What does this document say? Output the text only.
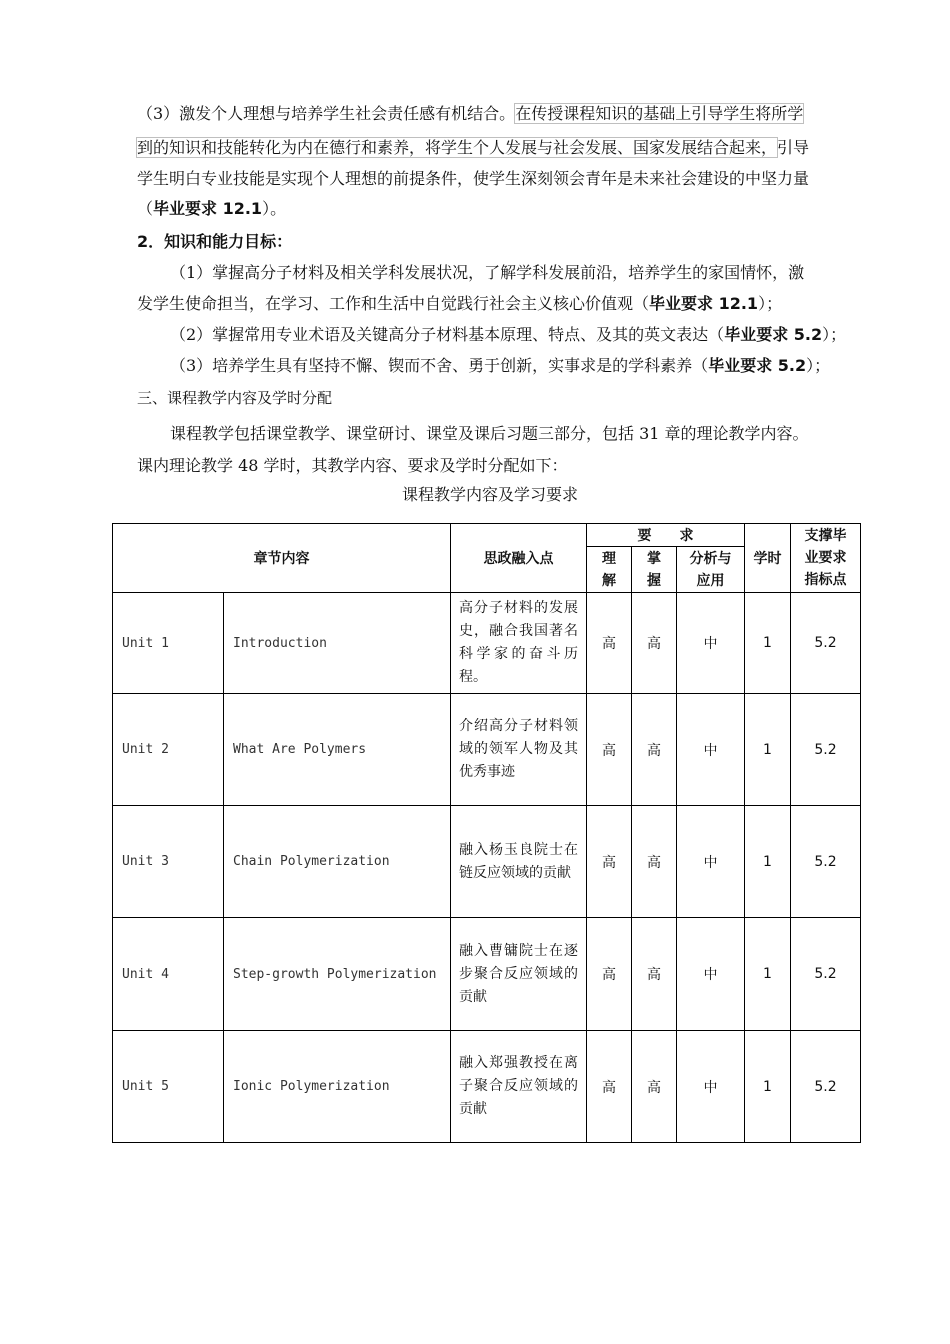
（3）激发个人理想与培养学生社会责任感有机结合。在传授课程知识的基础上引导学生将所学
到的知识和技能转化为内在德行和素养，将学生个人发展与社会发展、国家发展结合起来，引导
学生明白专业技能是实现个人理想的前提条件，使学生深刻领会青年是未来社会建设的中坚力量
（毕业要求 12.1）。
2．知识和能力目标：
（1）掌握高分子材料及相关学科发展状况，了解学科发展前沿，培养学生的家国情怀，激
发学生使命担当，在学习、工作和生活中自觉践行社会主义核心价值观（毕业要求 12.1）；
（2）掌握常用专业术语及关键高分子材料基本原理、特点、及其的英文表达（毕业要求 5.2）；
（3）培养学生具有坚持不懈、锲而不舍、勇于创新，实事求是的学科素养（毕业要求 5.2）；
三、课程教学内容及学时分配
课程教学包括课堂教学、课堂研讨、课堂及课后习题三部分，包括 31 章的理论教学内容。
课内理论教学 48 学时，其教学内容、要求及学时分配如下：
课程教学内容及学习要求
章节内容		思政融入点	要　　求			学时	支撑毕业要求指标点
			理解	掌握	分析与应用		
Unit 1	Introduction	高分子材料的发展史，融合我国著名科学家的奋斗历程。	高	高	中	1	5.2
Unit 2	What Are Polymers	介绍高分子材料领域的领军人物及其优秀事迹	高	高	中	1	5.2
Unit 3	Chain Polymerization	融入杨玉良院士在链反应领域的贡献	高	高	中	1	5.2
Unit 4	Step-growth Polymerization	融入曹镛院士在逐步聚合反应领域的贡献	高	高	中	1	5.2
Unit 5	Ionic Polymerization	融入郑强教授在离子聚合反应领域的贡献	高	高	中	1	5.2
